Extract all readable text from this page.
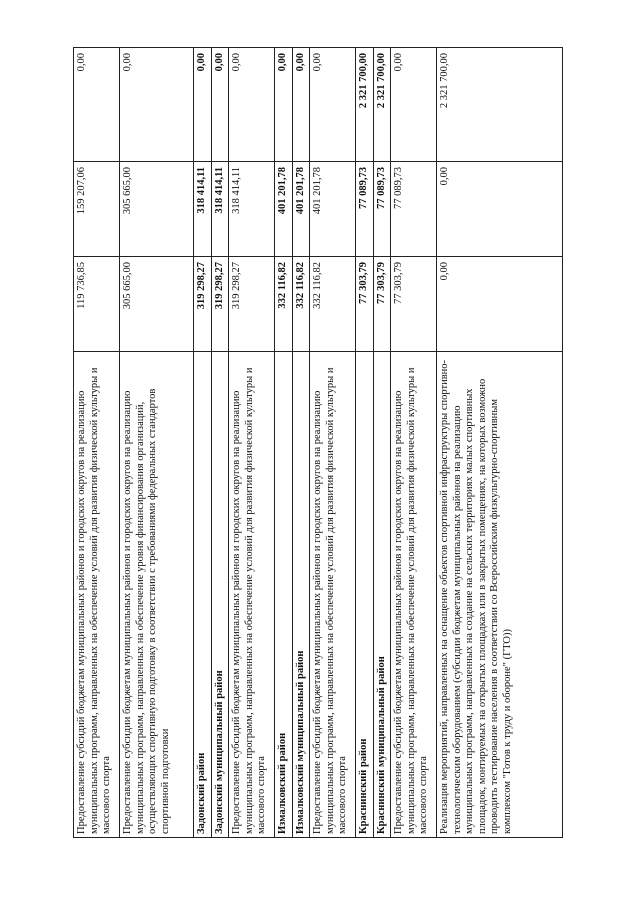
Предоставление субсидий бюджетам муниципальных районов и городских округов на реализацию муниципальных программ, направленных на обеспечение условий для развития физической культуры и массового спорта	119 736,85	159 207,06	0,00
Предоставление субсидии бюджетам муниципальных районов и городских округов на реализацию муниципальных программ, направленных на обеспечение уровня финансирования организаций, осуществляющих спортивную подготовку в соответствии с требованиями федеральных стандартов спортивной подготовки	305 665,00	305 665,00	0,00
Задонский район	319 298,27	318 414,11	0,00
Задонский муниципальный район	319 298,27	318 414,11	0,00
Предоставление субсидий бюджетам муниципальных районов и городских округов на реализацию муниципальных программ, направленных на обеспечение условий для развития физической культуры и массового спорта	319 298,27	318 414,11	0,00
Измалковский район	332 116,82	401 201,78	0,00
Измалковский муниципальный район	332 116,82	401 201,78	0,00
Предоставление субсидий бюджетам муниципальных районов и городских округов на реализацию муниципальных программ, направленных на обеспечение условий для развития физической культуры и массового спорта	332 116,82	401 201,78	0,00
Краснинский район	77 303,79	77 089,73	2 321 700,00
Краснинский муниципальный район	77 303,79	77 089,73	2 321 700,00
Предоставление субсидий бюджетам муниципальных районов и городских округов на реализацию муниципальных программ, направленных на обеспечение условий для развития физической культуры и массового спорта	77 303,79	77 089,73	0,00
Реализация мероприятий, направленных на оснащение объектов спортивной инфраструктуры спортивно-технологическим оборудованием (субсидии бюджетам муниципальных районов на реализацию муниципальных программ, направленных на создание на сельских территориях малых спортивных площадок, монтируемых на открытых площадках или в закрытых помещениях, на которых возможно проводить тестирование населения в соответствии со Всероссийским физкультурно-спортивным комплексом "Готов к труду и обороне" (ГТО))	0,00	0,00	2 321 700,00
